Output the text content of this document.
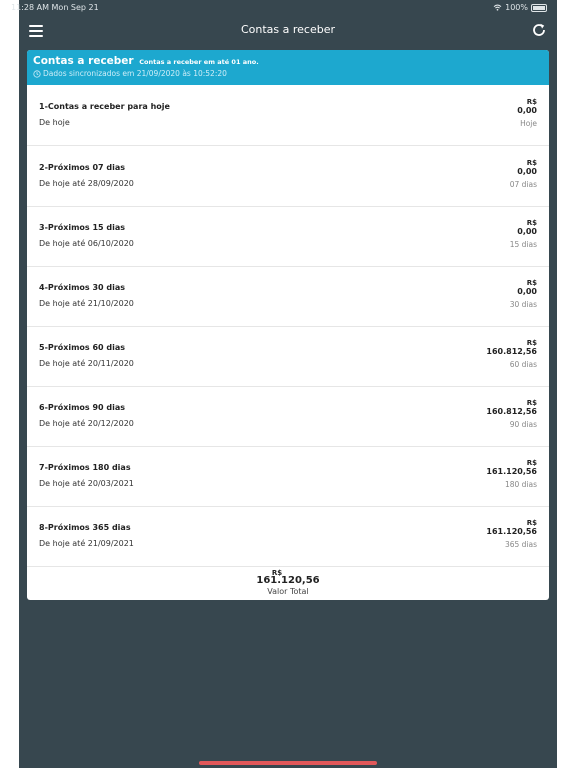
11:28 AM Mon Sep 21	100%
Contas a receber
Contas a receber Contas a receber em até 01 ano.
Dados sincronizados em 21/09/2020 às 10:52:20
1-Contas a receber para hoje
De hoje
R$
0,00
Hoje
2-Próximos 07 dias
De hoje até 28/09/2020
R$
0,00
07 dias
3-Próximos 15 dias
De hoje até 06/10/2020
R$
0,00
15 dias
4-Próximos 30 dias
De hoje até 21/10/2020
R$
0,00
30 dias
5-Próximos 60 dias
De hoje até 20/11/2020
R$
160.812,56
60 dias
6-Próximos 90 dias
De hoje até 20/12/2020
R$
160.812,56
90 dias
7-Próximos 180 dias
De hoje até 20/03/2021
R$
161.120,56
180 dias
8-Próximos 365 dias
De hoje até 21/09/2021
R$
161.120,56
365 dias
R$
161.120,56
Valor Total
